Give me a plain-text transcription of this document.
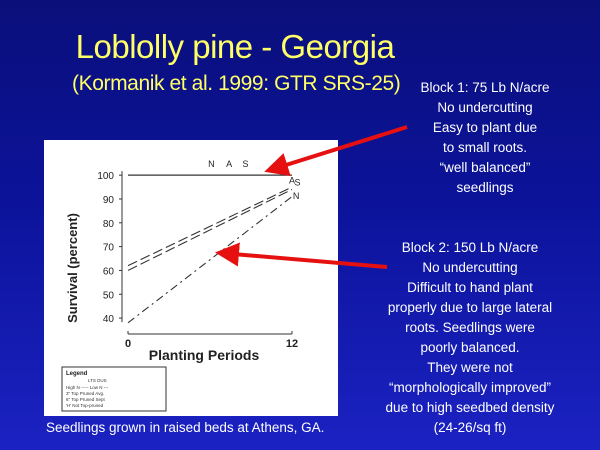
Loblolly pine - Georgia
(Kormanik et al. 1999: GTR SRS-25)	Block 1: 75 Lb N/acre
No undercutting
Easy to plant due
to small roots.
“well balanced”
seedlings
Block 2: 150 Lb N/acre
No undercutting
Difficult to hand plant
properly due to large lateral
roots. Seedlings were
poorly balanced.
They were not
“morphologically improved”
due to high seedbed density
(24-26/sq ft)
40
50
60
70
80
90
100
0	12
N A S
A S
N
Survival (percent)
Planting Periods
Legend
LTS DUS
High N ----- Low N ---
3" Top Pruned Avg.
6" Top Pruned Sept
'H' Not Top-pruned
Seedlings grown in raised beds at Athens, GA.
